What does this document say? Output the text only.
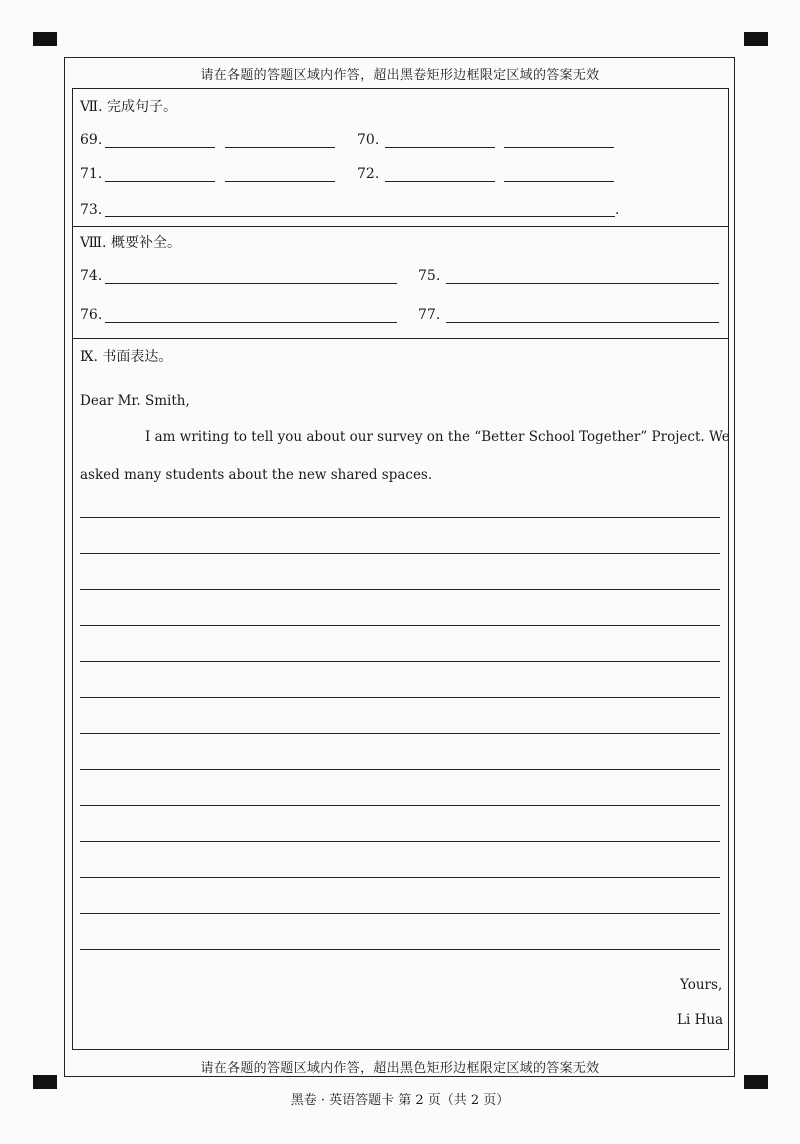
请在各题的答题区域内作答，超出黑卷矩形边框限定区域的答案无效
Ⅶ. 完成句子。
69.	70.
71.	72.
73.	.
Ⅷ. 概要补全。
74.	75.
76.	77.
Ⅸ. 书面表达。
Dear Mr. Smith,
I am writing to tell you about our survey on the “Better School Together” Project. We
asked many students about the new shared spaces.
Yours,
Li Hua
请在各题的答题区域内作答，超出黑色矩形边框限定区域的答案无效
黑卷 · 英语答题卡 第 2 页（共 2 页）
